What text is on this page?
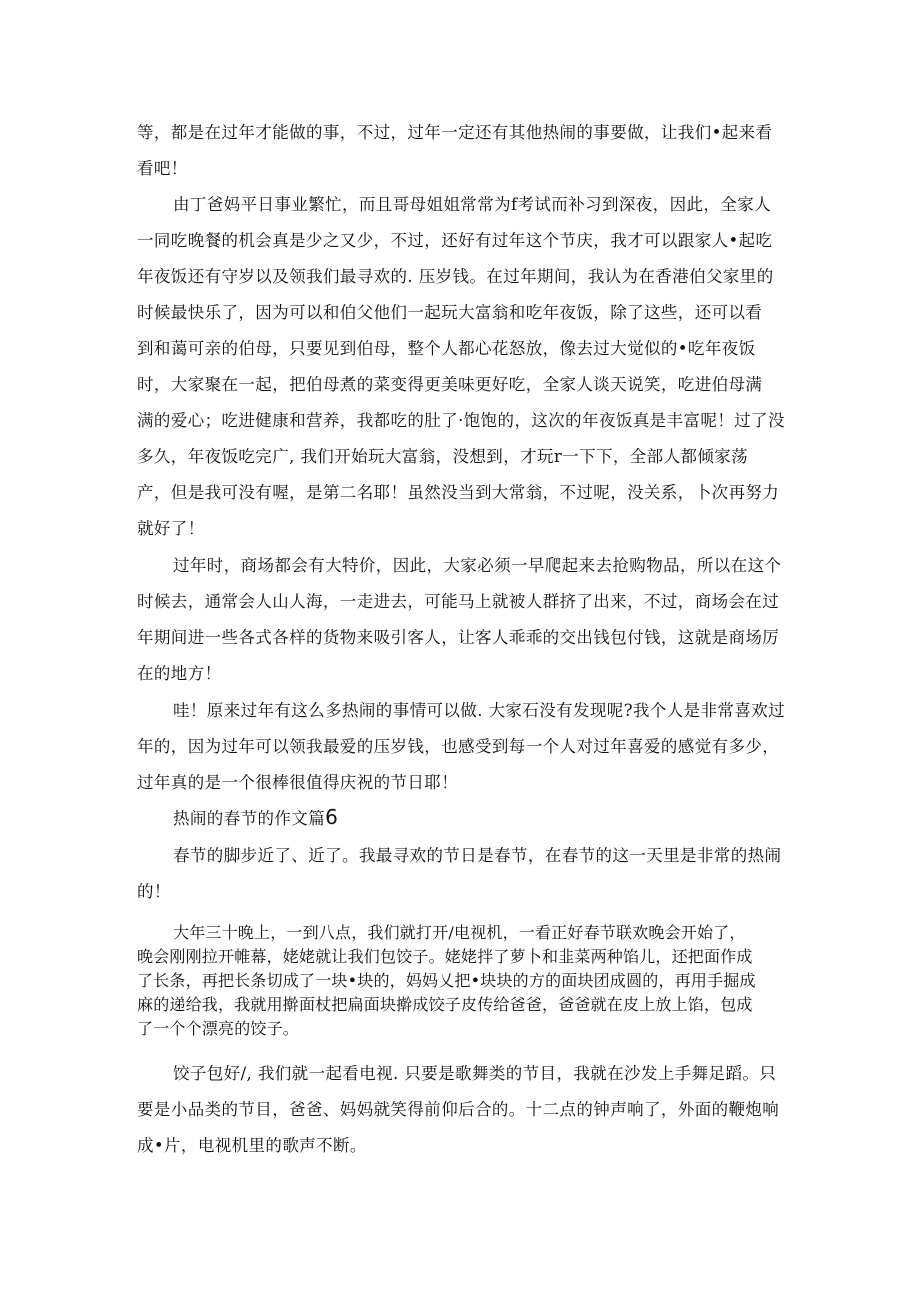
等，都是在过年才能做的事，不过，过年一定还有其他热闹的事要做，让我们•起来看
看吧！
由丁爸妈平日事业繁忙，而且哥母姐姐常常为f考试而补习到深夜，因此，全家人
一同吃晚餐的机会真是少之又少，不过，还好有过年这个节庆，我才可以跟家人•起吃
年夜饭还有守岁以及领我们最寻欢的. 压岁钱。在过年期间，我认为在香港伯父家里的
时候最快乐了，因为可以和伯父他们一起玩大富翁和吃年夜饭，除了这些，还可以看
到和蔼可亲的伯母，只要见到伯母，整个人都心花怒放，像去过大觉似的•吃年夜饭
时，大家聚在一起，把伯母煮的菜变得更美味更好吃，全家人谈天说笑，吃进伯母满
满的爱心；吃进健康和营养，我都吃的肚了·饱饱的，这次的年夜饭真是丰富呢！过了没
多久，年夜饭吃完广, 我们开始玩大富翁，没想到，才玩r一下下，全部人都倾家荡
产，但是我可没有喔，是第二名耶！虽然没当到大常翁，不过呢，没关系，卜次再努力
就好了！
过年时，商场都会有大特价，因此，大家必须一早爬起来去抢购物品，所以在这个
时候去，通常会人山人海，一走进去，可能马上就被人群挤了出来，不过，商场会在过
年期间进一些各式各样的货物来吸引客人，让客人乖乖的交出钱包付钱，这就是商场厉
在的地方！
哇！原来过年有这么多热闹的事情可以做. 大家石没有发现呢?我个人是非常喜欢过
年的，因为过年可以领我最爱的压岁钱，也感受到每一个人对过年喜爱的感觉有多少，
过年真的是一个很棒很值得庆祝的节日耶！
热闹的春节的作文篇6
春节的脚步近了、近了。我最寻欢的节日是春节，在春节的这一天里是非常的热闹
的！
大年三十晚上，一到八点，我们就打开/电视机，一看正好春节联欢晚会开始了，
晚会刚刚拉开帷幕，姥姥就让我们包饺子。姥姥拌了萝卜和韭菜两种馅儿，还把面作成
了长条，再把长条切成了一块•块的，妈妈乂把•块块的方的面块团成圆的，再用手掘成
麻的递给我，我就用擀面杖把扁面块擀成饺子皮传给爸爸，爸爸就在皮上放上馅，包成
了一个个漂亮的饺子。
饺子包好/, 我们就一起看电视. 只要是歌舞类的节目，我就在沙发上手舞足蹈。只
要是小品类的节目，爸爸、妈妈就笑得前仰后合的。十二点的钟声响了，外面的鞭炮响
成•片，电视机里的歌声不断。
